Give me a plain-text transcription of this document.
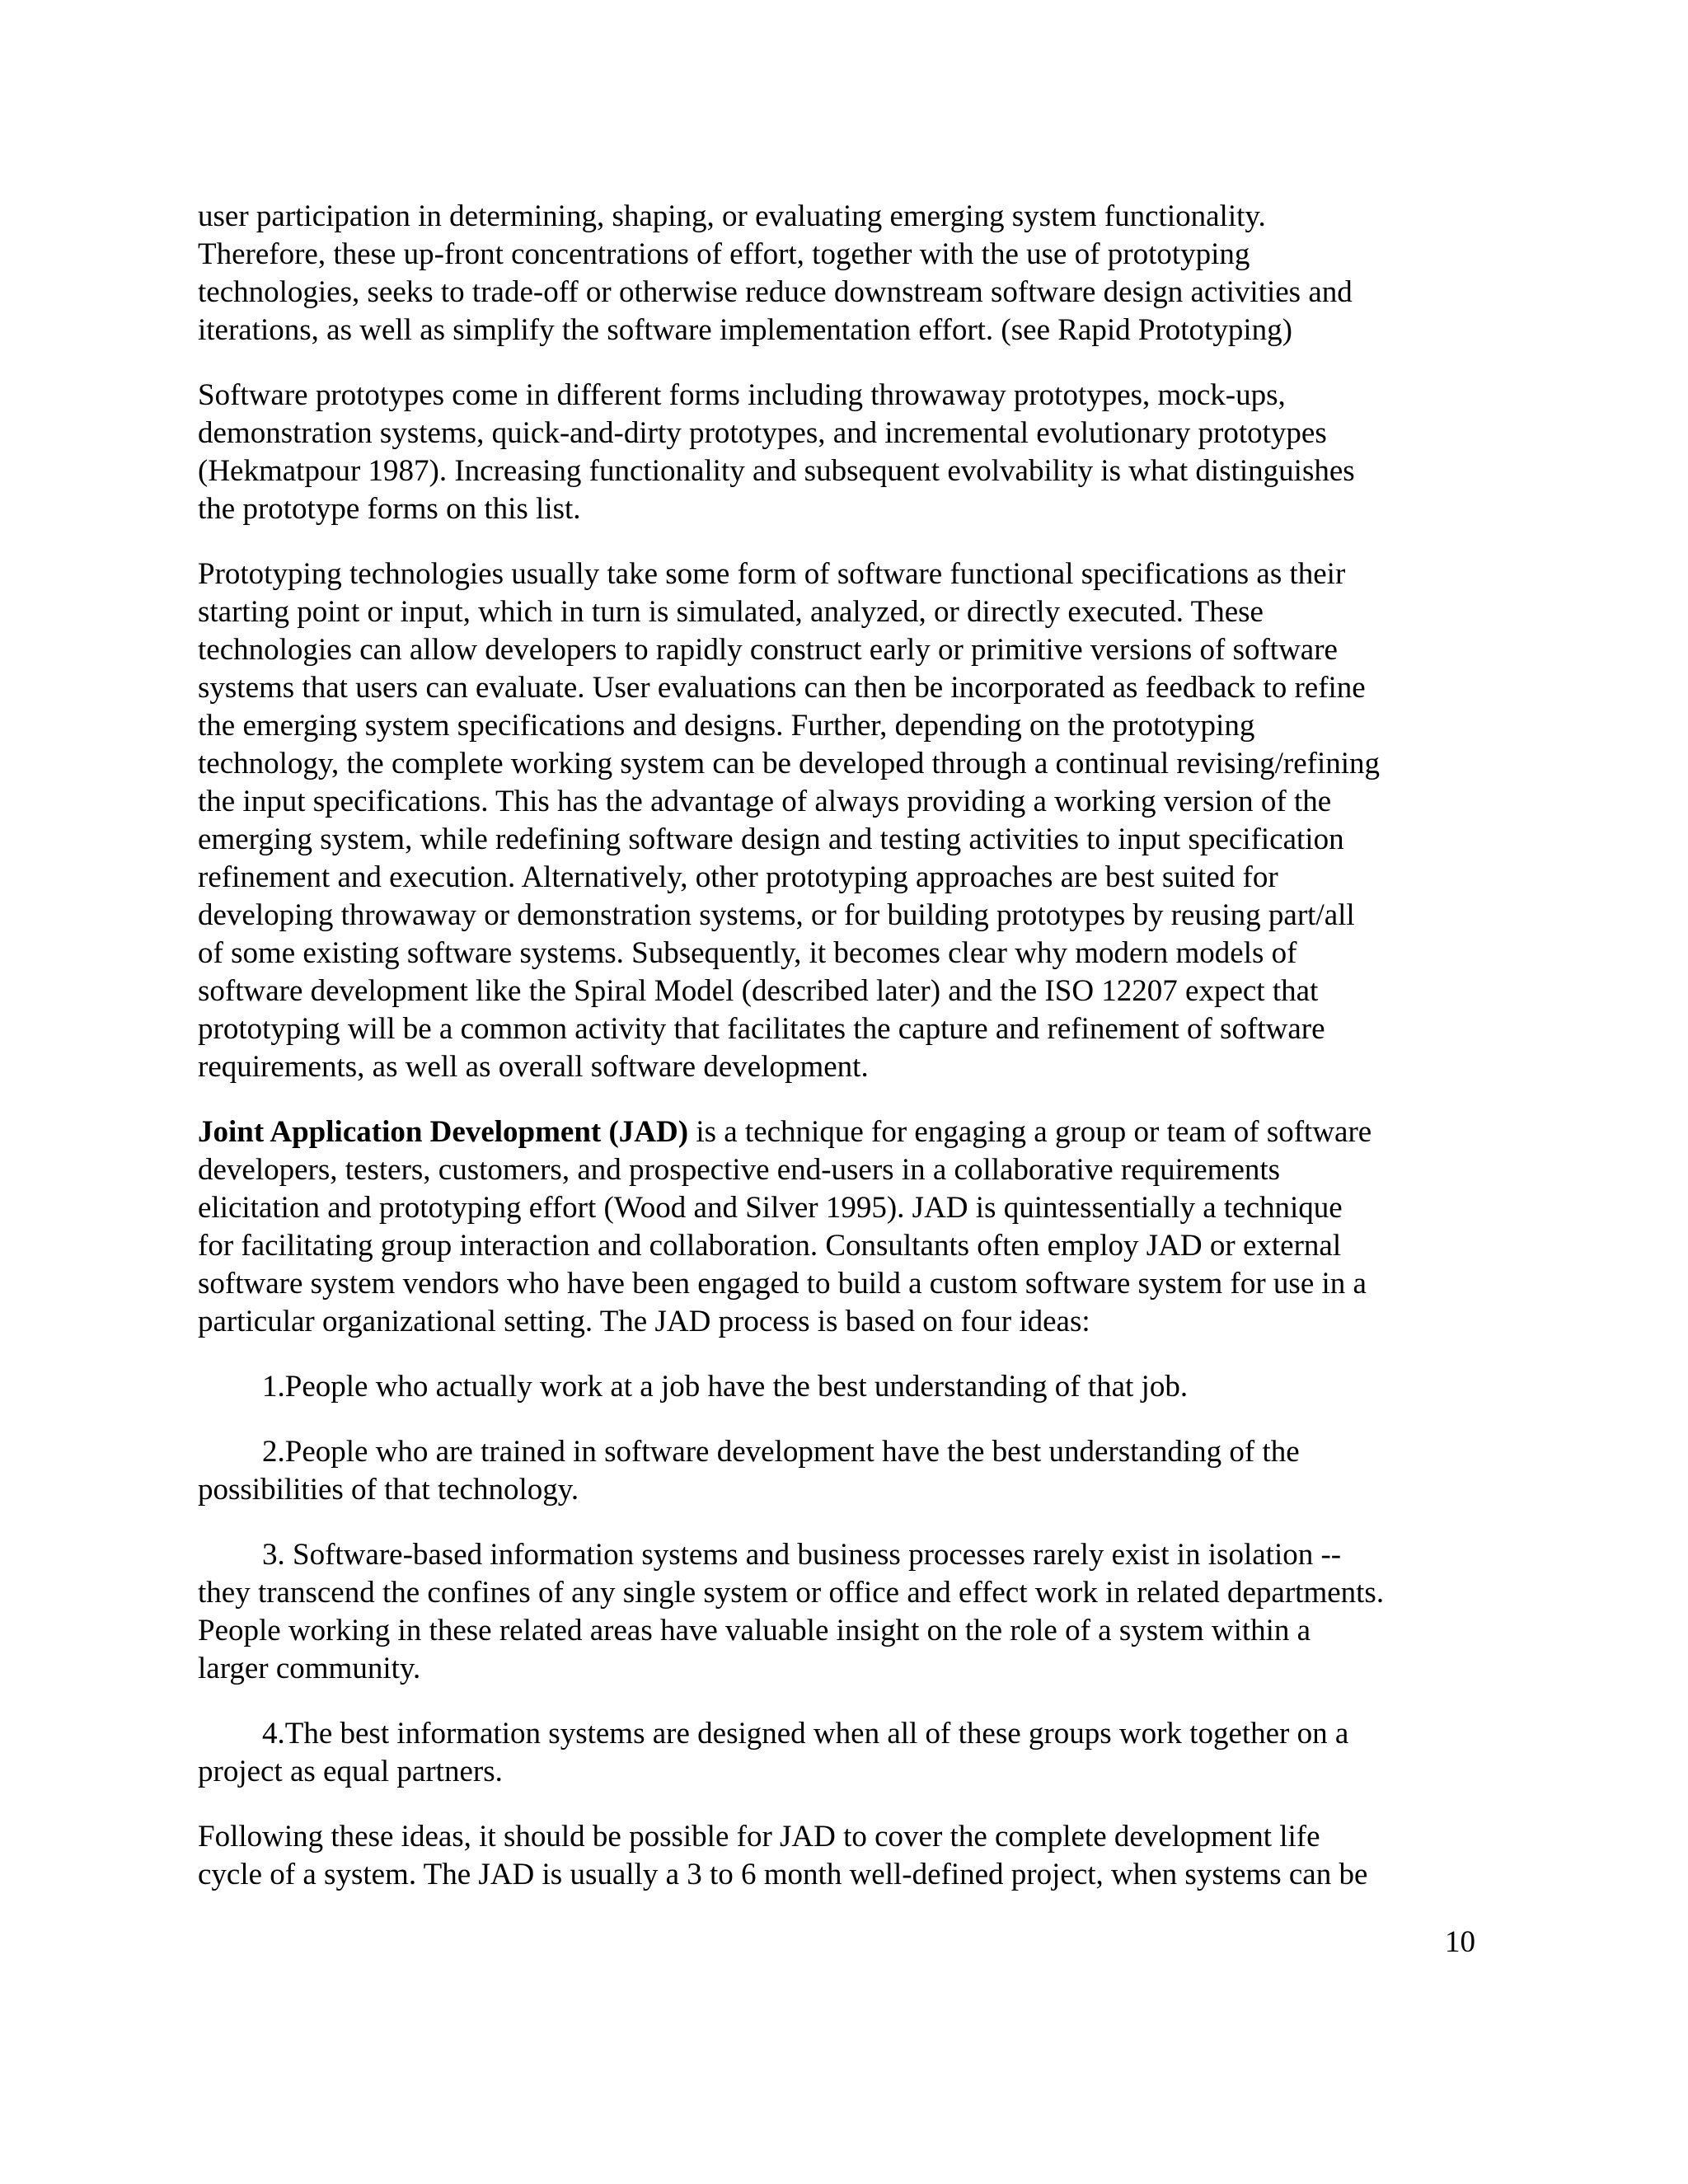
user participation in determining, shaping, or evaluating emerging system functionality.
Therefore, these up-front concentrations of effort, together with the use of prototyping
technologies, seeks to trade-off or otherwise reduce downstream software design activities and
iterations, as well as simplify the software implementation effort. (see Rapid Prototyping)

Software prototypes come in different forms including throwaway prototypes, mock-ups,
demonstration systems, quick-and-dirty prototypes, and incremental evolutionary prototypes
(Hekmatpour 1987). Increasing functionality and subsequent evolvability is what distinguishes
the prototype forms on this list.

Prototyping technologies usually take some form of software functional specifications as their
starting point or input, which in turn is simulated, analyzed, or directly executed. These
technologies can allow developers to rapidly construct early or primitive versions of software
systems that users can evaluate. User evaluations can then be incorporated as feedback to refine
the emerging system specifications and designs. Further, depending on the prototyping
technology, the complete working system can be developed through a continual revising/refining
the input specifications. This has the advantage of always providing a working version of the
emerging system, while redefining software design and testing activities to input specification
refinement and execution. Alternatively, other prototyping approaches are best suited for
developing throwaway or demonstration systems, or for building prototypes by reusing part/all
of some existing software systems. Subsequently, it becomes clear why modern models of
software development like the Spiral Model (described later) and the ISO 12207 expect that
prototyping will be a common activity that facilitates the capture and refinement of software
requirements, as well as overall software development.

Joint Application Development (JAD) is a technique for engaging a group or team of software
developers, testers, customers, and prospective end-users in a collaborative requirements
elicitation and prototyping effort (Wood and Silver 1995). JAD is quintessentially a technique
for facilitating group interaction and collaboration. Consultants often employ JAD or external
software system vendors who have been engaged to build a custom software system for use in a
particular organizational setting. The JAD process is based on four ideas:

1.People who actually work at a job have the best understanding of that job.

2.People who are trained in software development have the best understanding of the
possibilities of that technology.

3. Software-based information systems and business processes rarely exist in isolation --
they transcend the confines of any single system or office and effect work in related departments.
People working in these related areas have valuable insight on the role of a system within a
larger community.

4.The best information systems are designed when all of these groups work together on a
project as equal partners.

Following these ideas, it should be possible for JAD to cover the complete development life
cycle of a system. The JAD is usually a 3 to 6 month well-defined project, when systems can be

10
